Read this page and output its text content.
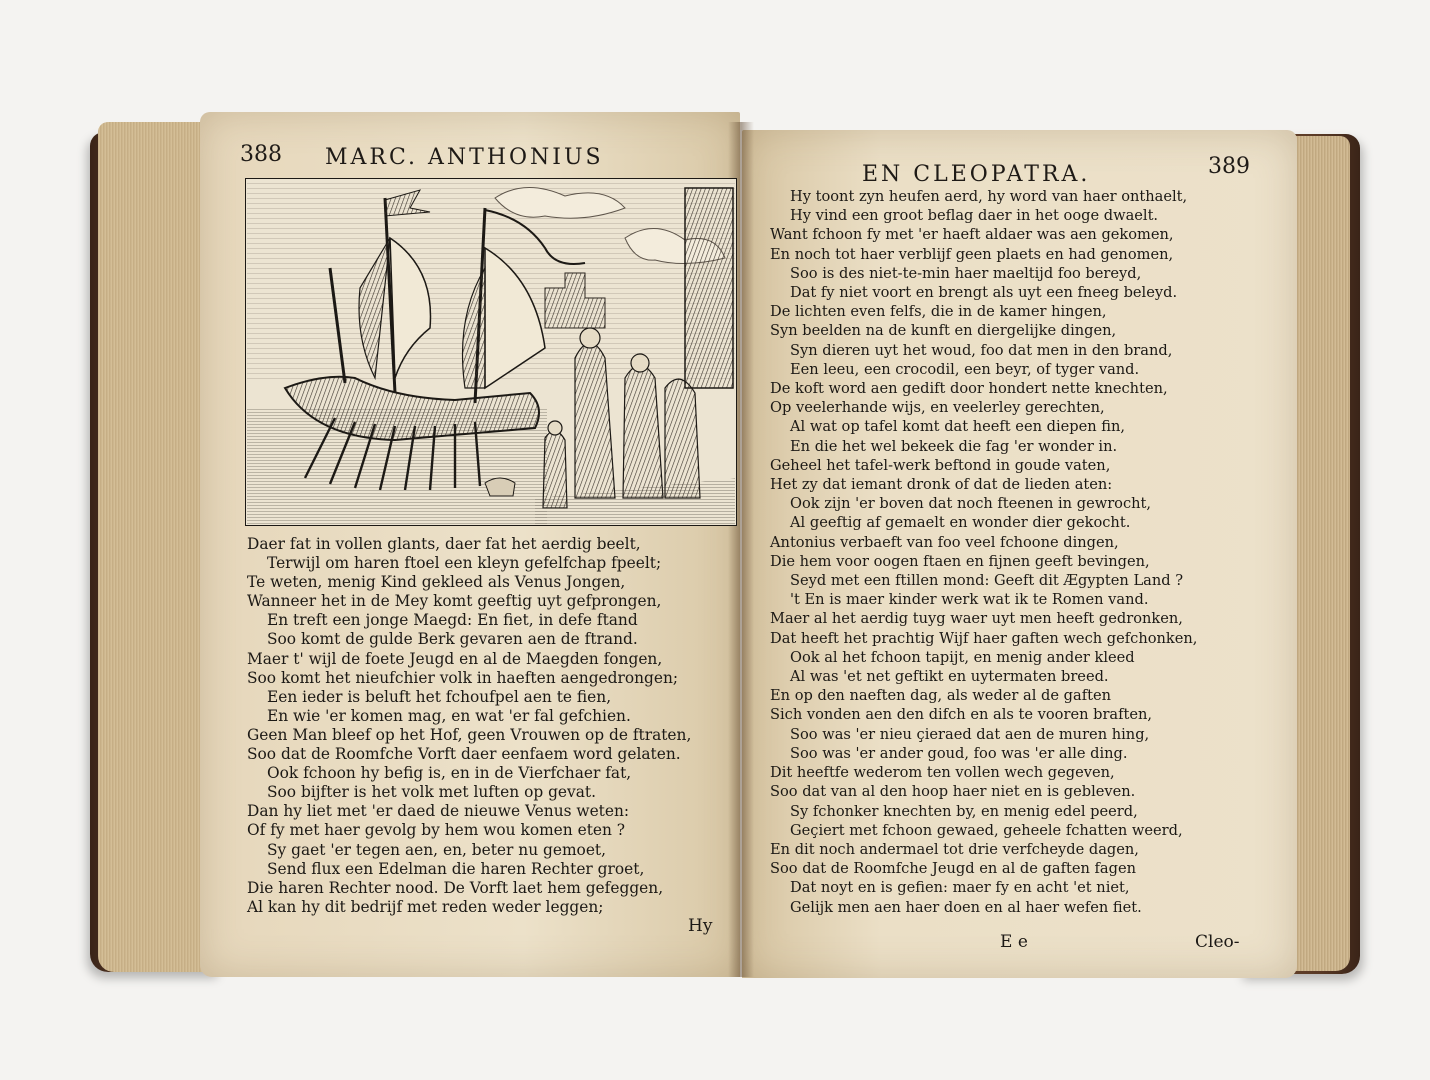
388 MARC. ANTHONIUS
Daer fat in vollen glants, daer fat het aerdig beelt,
Terwijl om haren ftoel een kleyn gefelfchap fpeelt;
Te weten, menig Kind gekleed als Venus Jongen,
Wanneer het in de Mey komt geeftig uyt gefprongen,
En treft een jonge Maegd: En fiet, in defe ftand
Soo komt de gulde Berk gevaren aen de ftrand.
Maer t' wijl de foete Jeugd en al de Maegden fongen,
Soo komt het nieufchier volk in haeften aengedrongen;
Een ieder is beluft het fchoufpel aen te fien,
En wie 'er komen mag, en wat 'er fal gefchien.
Geen Man bleef op het Hof, geen Vrouwen op de ftraten,
Soo dat de Roomfche Vorft daer eenfaem word gelaten.
Ook fchoon hy befig is, en in de Vierfchaer fat,
Soo bijfter is het volk met luften op gevat.
Dan hy liet met 'er daed de nieuwe Venus weten:
Of fy met haer gevolg by hem wou komen eten ?
Sy gaet 'er tegen aen, en, beter nu gemoet,
Send flux een Edelman die haren Rechter groet,
Die haren Rechter nood. De Vorft laet hem gefeggen,
Al kan hy dit bedrijf met reden weder leggen;
Hy
EN CLEOPATRA.	389
Hy toont zyn heufen aerd, hy word van haer onthaelt,
Hy vind een groot beflag daer in het ooge dwaelt.
Want fchoon fy met 'er haeft aldaer was aen gekomen,
En noch tot haer verblijf geen plaets en had genomen,
Soo is des niet-te-min haer maeltijd foo bereyd,
Dat fy niet voort en brengt als uyt een fneeg beleyd.
De lichten even felfs, die in de kamer hingen,
Syn beelden na de kunft en diergelijke dingen,
Syn dieren uyt het woud, foo dat men in den brand,
Een leeu, een crocodil, een beyr, of tyger vand.
De koft word aen gedift door hondert nette knechten,
Op veelerhande wijs, en veelerley gerechten,
Al wat op tafel komt dat heeft een diepen fin,
En die het wel bekeek die fag 'er wonder in.
Geheel het tafel-werk beftond in goude vaten,
Het zy dat iemant dronk of dat de lieden aten:
Ook zijn 'er boven dat noch fteenen in gewrocht,
Al geeftig af gemaelt en wonder dier gekocht.
Antonius verbaeft van foo veel fchoone dingen,
Die hem voor oogen ftaen en fijnen geeft bevingen,
Seyd met een ftillen mond: Geeft dit Ægypten Land ?
't En is maer kinder werk wat ik te Romen vand.
Maer al het aerdig tuyg waer uyt men heeft gedronken,
Dat heeft het prachtig Wijf haer gaften wech gefchonken,
Ook al het fchoon tapijt, en menig ander kleed
Al was 'et net geftikt en uytermaten breed.
En op den naeften dag, als weder al de gaften
Sich vonden aen den difch en als te vooren braften,
Soo was 'er nieu çieraed dat aen de muren hing,
Soo was 'er ander goud, foo was 'er alle ding.
Dit heeftfe wederom ten vollen wech gegeven,
Soo dat van al den hoop haer niet en is gebleven.
Sy fchonker knechten by, en menig edel peerd,
Geçiert met fchoon gewaed, geheele fchatten weerd,
En dit noch andermael tot drie verfcheyde dagen,
Soo dat de Roomfche Jeugd en al de gaften fagen
Dat noyt en is gefien: maer fy en acht 'et niet,
Gelijk men aen haer doen en al haer wefen fiet.
E e	Cleo-
